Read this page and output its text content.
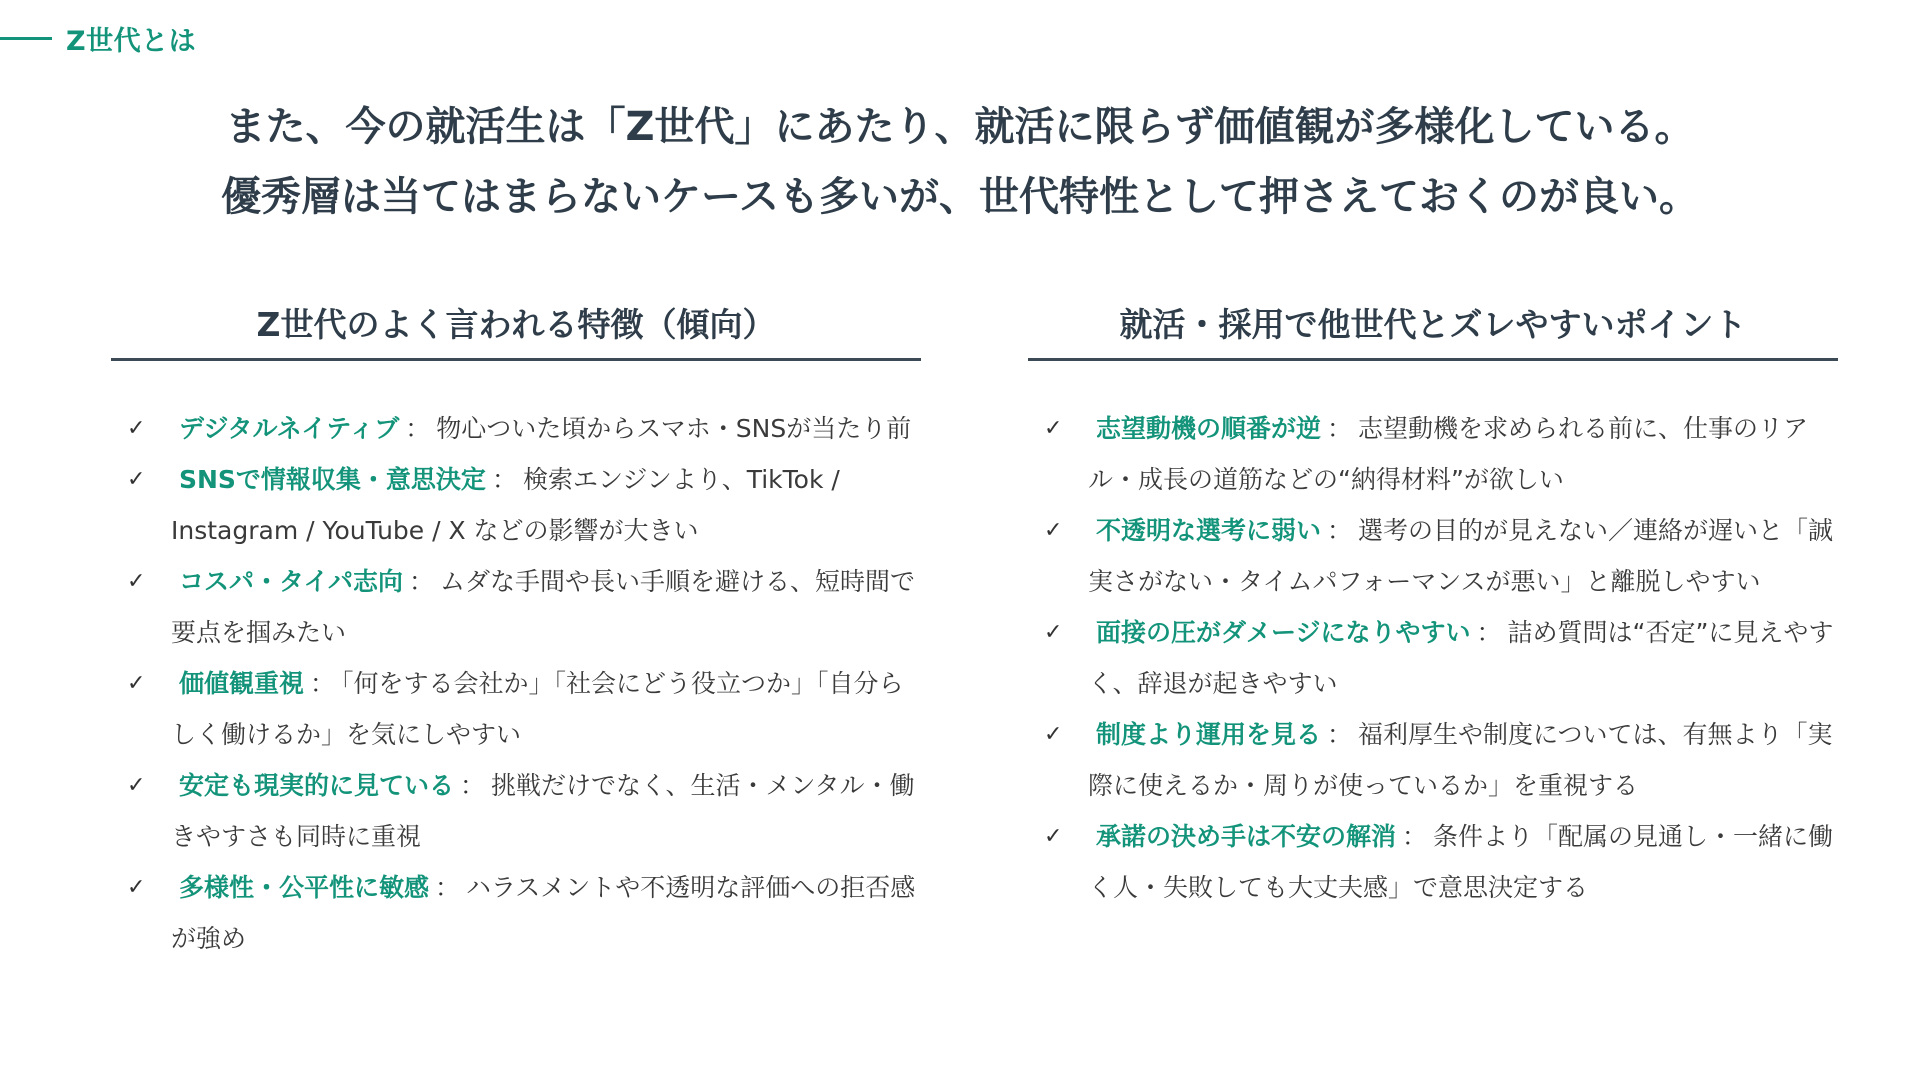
Z世代とは
また、今の就活生は「Z世代」にあたり、就活に限らず価値観が多様化している。
優秀層は当てはまらないケースも多いが、世代特性として押さえておくのが良い。
Z世代のよく言われる特徴（傾向）
✓ デジタルネイティブ ： 物心ついた頃からスマホ・SNSが当たり前
✓ SNSで情報収集・意思決定 ： 検索エンジンより、TikTok / Instagram / YouTube / X などの影響が大きい
✓ コスパ・タイパ志向 ： ムダな手間や長い手順を避ける、短時間で要点を掴みたい
✓ 価値観重視 ： 「何をする会社か」「社会にどう役立つか」「自分らしく働けるか」を気にしやすい
✓ 安定も現実的に見ている ： 挑戦だけでなく、生活・メンタル・働きやすさも同時に重視
✓ 多様性・公平性に敏感 ： ハラスメントや不透明な評価への拒否感が強め
就活・採用で他世代とズレやすいポイント
✓ 志望動機の順番が逆 ： 志望動機を求められる前に、仕事のリアル・成長の道筋などの“納得材料”が欲しい
✓ 不透明な選考に弱い ： 選考の目的が見えない／連絡が遅いと「誠実さがない・タイムパフォーマンスが悪い」と離脱しやすい
✓ 面接の圧がダメージになりやすい ： 詰め質問は“否定”に見えやすく、辞退が起きやすい
✓ 制度より運用を見る ： 福利厚生や制度については、有無より「実際に使えるか・周りが使っているか」を重視する
✓ 承諾の決め手は不安の解消 ： 条件より「配属の見通し・一緒に働く人・失敗しても大丈夫感」で意思決定する
